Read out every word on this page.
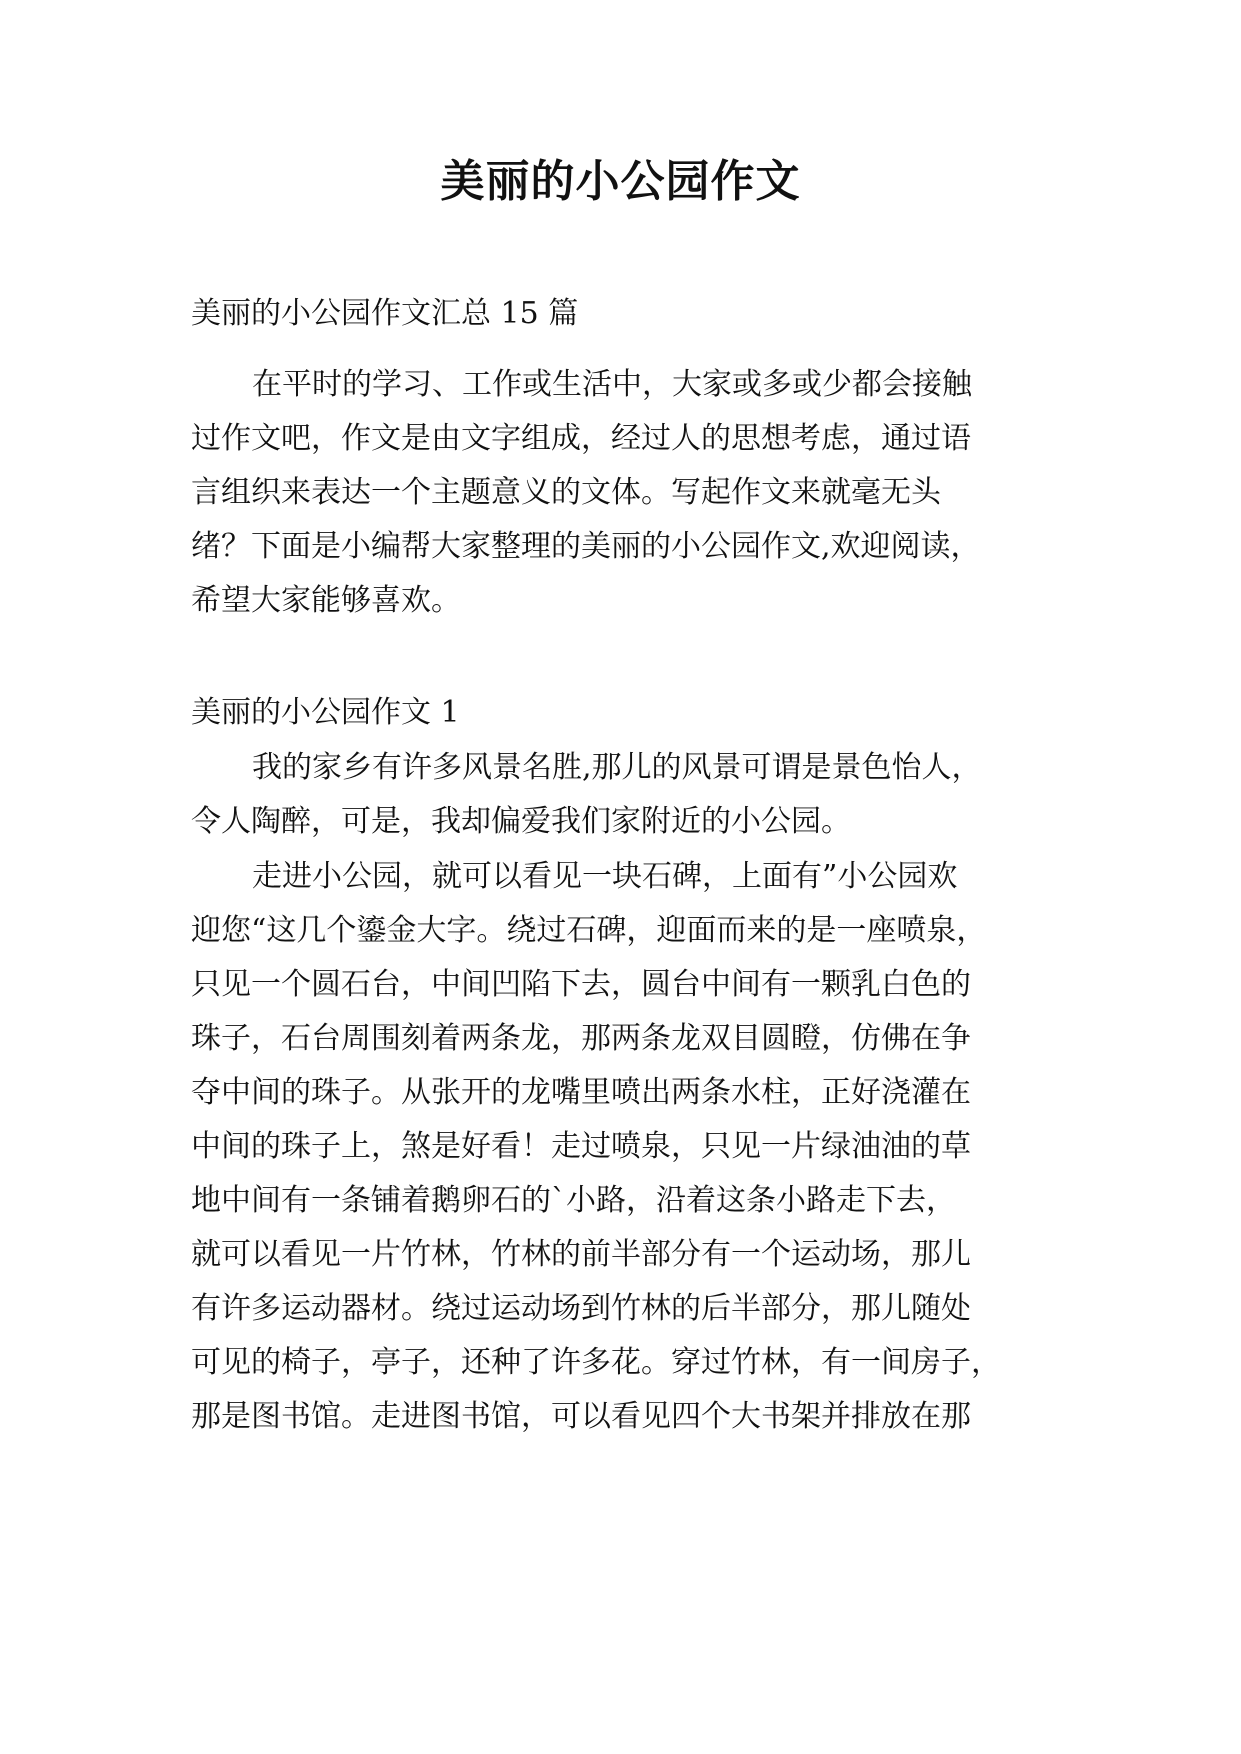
美丽的小公园作文

美丽的小公园作文汇总 15 篇

在平时的学习、工作或生活中，大家或多或少都会接触

过作文吧，作文是由文字组成，经过人的思想考虑，通过语

言组织来表达一个主题意义的文体。写起作文来就毫无头

绪？下面是小编帮大家整理的美丽的小公园作文,欢迎阅读，

希望大家能够喜欢。

美丽的小公园作文 1

我的家乡有许多风景名胜,那儿的风景可谓是景色怡人，

令人陶醉，可是，我却偏爱我们家附近的小公园。

走进小公园，就可以看见一块石碑，上面有”小公园欢

迎您“这几个鎏金大字。绕过石碑，迎面而来的是一座喷泉，

只见一个圆石台，中间凹陷下去，圆台中间有一颗乳白色的

珠子，石台周围刻着两条龙，那两条龙双目圆瞪，仿佛在争

夺中间的珠子。从张开的龙嘴里喷出两条水柱，正好浇灌在

中间的珠子上，煞是好看！走过喷泉，只见一片绿油油的草

地中间有一条铺着鹅卵石的`小路，沿着这条小路走下去，

就可以看见一片竹林，竹林的前半部分有一个运动场，那儿

有许多运动器材。绕过运动场到竹林的后半部分，那儿随处

可见的椅子，亭子，还种了许多花。穿过竹林，有一间房子，

那是图书馆。走进图书馆，可以看见四个大书架并排放在那
